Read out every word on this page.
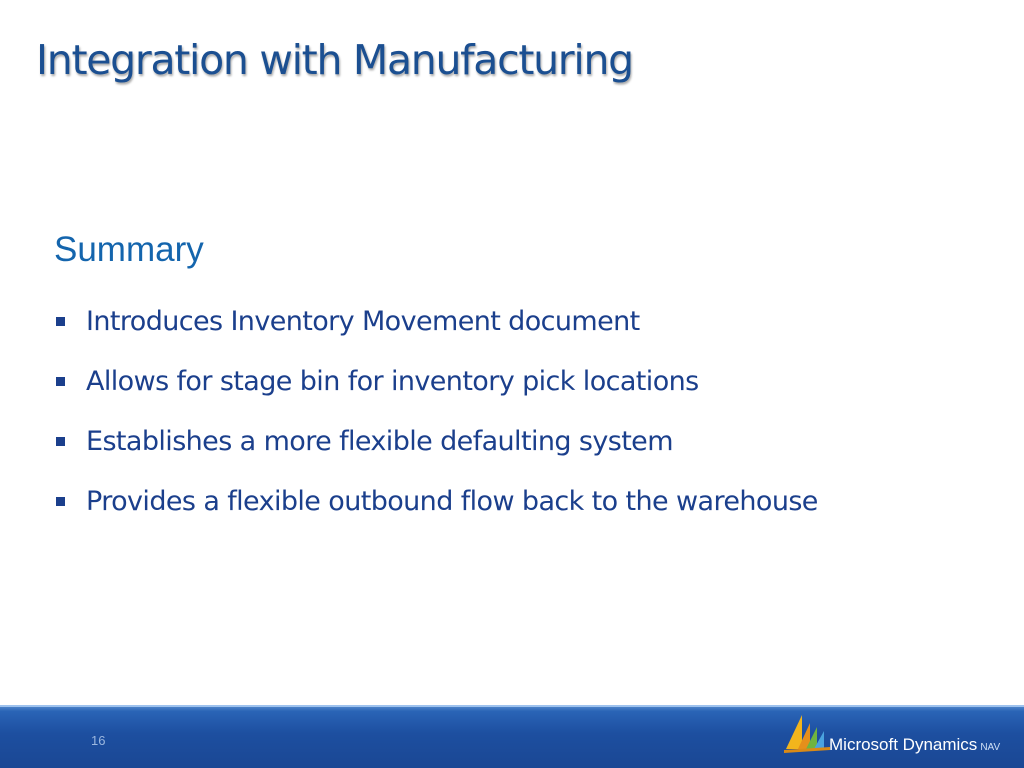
Integration with Manufacturing
Summary
Introduces Inventory Movement document
Allows for stage bin for inventory pick locations
Establishes a more flexible defaulting system
Provides a flexible outbound flow back to the warehouse
16	Microsoft Dynamics NAV
